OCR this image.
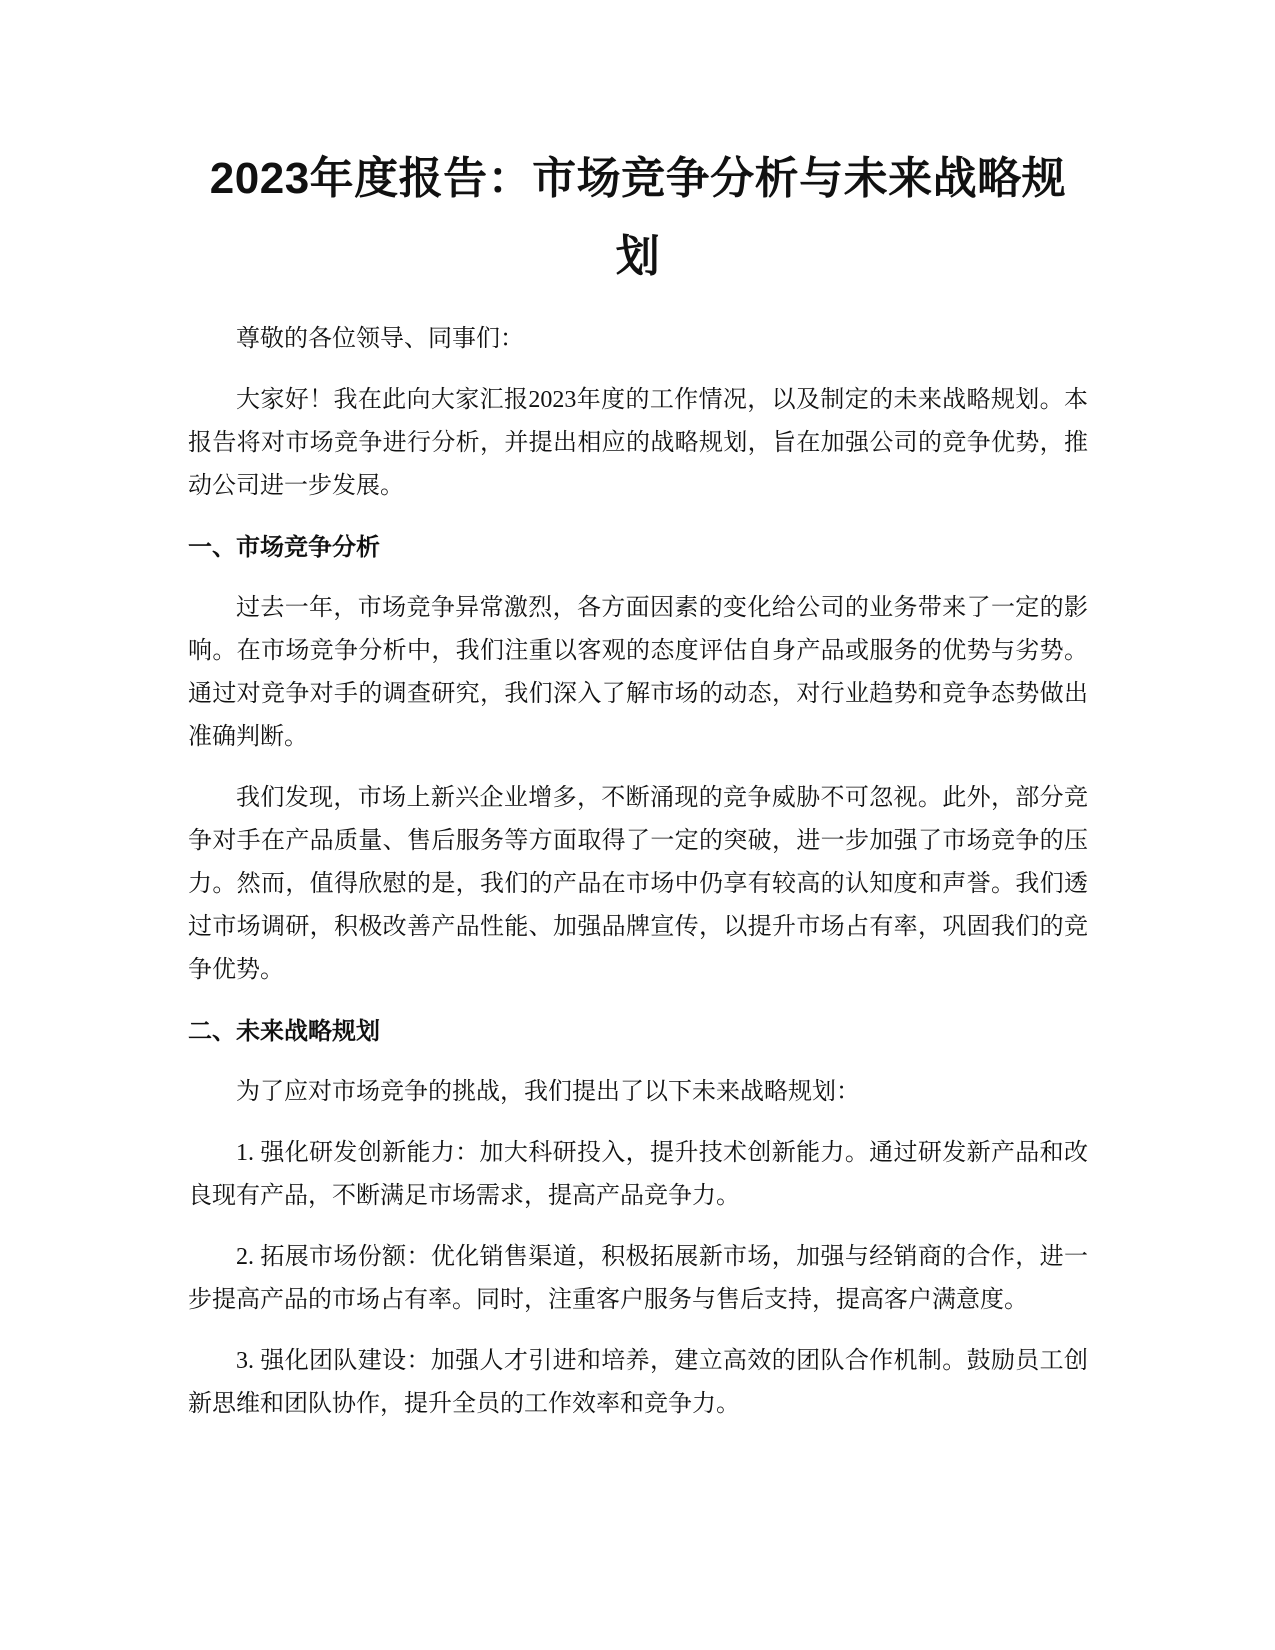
2023年度报告：市场竞争分析与未来战略规划

尊敬的各位领导、同事们：

大家好！我在此向大家汇报2023年度的工作情况，以及制定的未来战略规划。本报告将对市场竞争进行分析，并提出相应的战略规划，旨在加强公司的竞争优势，推动公司进一步发展。

一、市场竞争分析

过去一年，市场竞争异常激烈，各方面因素的变化给公司的业务带来了一定的影响。在市场竞争分析中，我们注重以客观的态度评估自身产品或服务的优势与劣势。通过对竞争对手的调查研究，我们深入了解市场的动态，对行业趋势和竞争态势做出准确判断。

我们发现，市场上新兴企业增多，不断涌现的竞争威胁不可忽视。此外，部分竞争对手在产品质量、售后服务等方面取得了一定的突破，进一步加强了市场竞争的压力。然而，值得欣慰的是，我们的产品在市场中仍享有较高的认知度和声誉。我们透过市场调研，积极改善产品性能、加强品牌宣传，以提升市场占有率，巩固我们的竞争优势。

二、未来战略规划

为了应对市场竞争的挑战，我们提出了以下未来战略规划：

1. 强化研发创新能力：加大科研投入，提升技术创新能力。通过研发新产品和改良现有产品，不断满足市场需求，提高产品竞争力。

2. 拓展市场份额：优化销售渠道，积极拓展新市场，加强与经销商的合作，进一步提高产品的市场占有率。同时，注重客户服务与售后支持，提高客户满意度。

3. 强化团队建设：加强人才引进和培养，建立高效的团队合作机制。鼓励员工创新思维和团队协作，提升全员的工作效率和竞争力。
